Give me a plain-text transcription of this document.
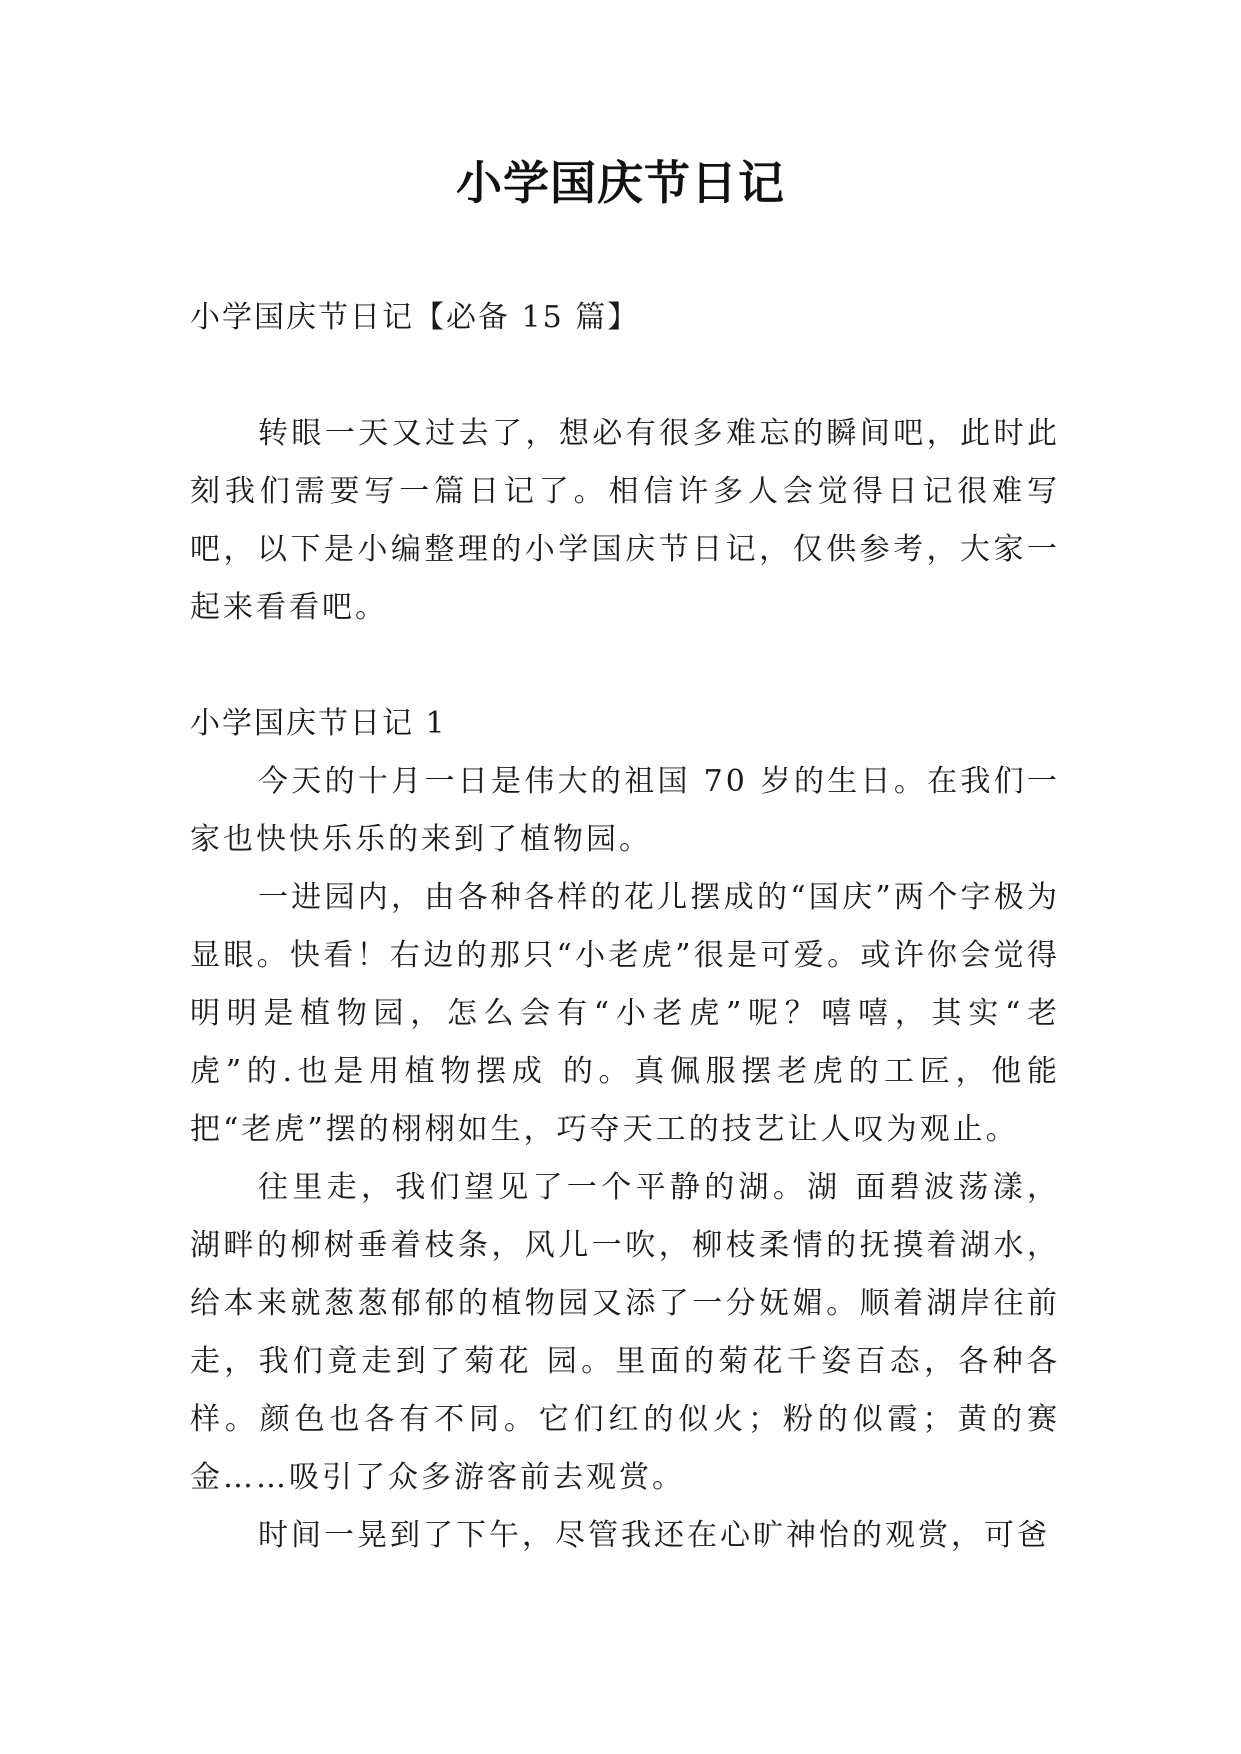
小学国庆节日记

小学国庆节日记【必备 15 篇】

转眼一天又过去了，想必有很多难忘的瞬间吧，此时此刻我们需要写一篇日记了。相信许多人会觉得日记很难写吧，以下是小编整理的小学国庆节日记，仅供参考，大家一起来看看吧。

小学国庆节日记 1

今天的十月一日是伟大的祖国 70 岁的生日。在我们一家也快快乐乐的来到了植物园。

一进园内，由各种各样的花儿摆成的“国庆”两个字极为显眼。快看！右边的那只“小老虎”很是可爱。或许你会觉得明明是植物园，怎么会有“小老虎”呢？嘻嘻，其实“老虎”的.也是用植物摆成 的。真佩服摆老虎的工匠，他能把“老虎”摆的栩栩如生，巧夺天工的技艺让人叹为观止。

往里走，我们望见了一个平静的湖。湖 面碧波荡漾，湖畔的柳树垂着枝条，风儿一吹，柳枝柔情的抚摸着湖水，给本来就葱葱郁郁的植物园又添了一分妩媚。顺着湖岸往前走，我们竟走到了菊花 园。里面的菊花千姿百态，各种各样。颜色也各有不同。它们红的似火；粉的似霞；黄的赛金……吸引了众多游客前去观赏。

时间一晃到了下午，尽管我还在心旷神怡的观赏，可爸
